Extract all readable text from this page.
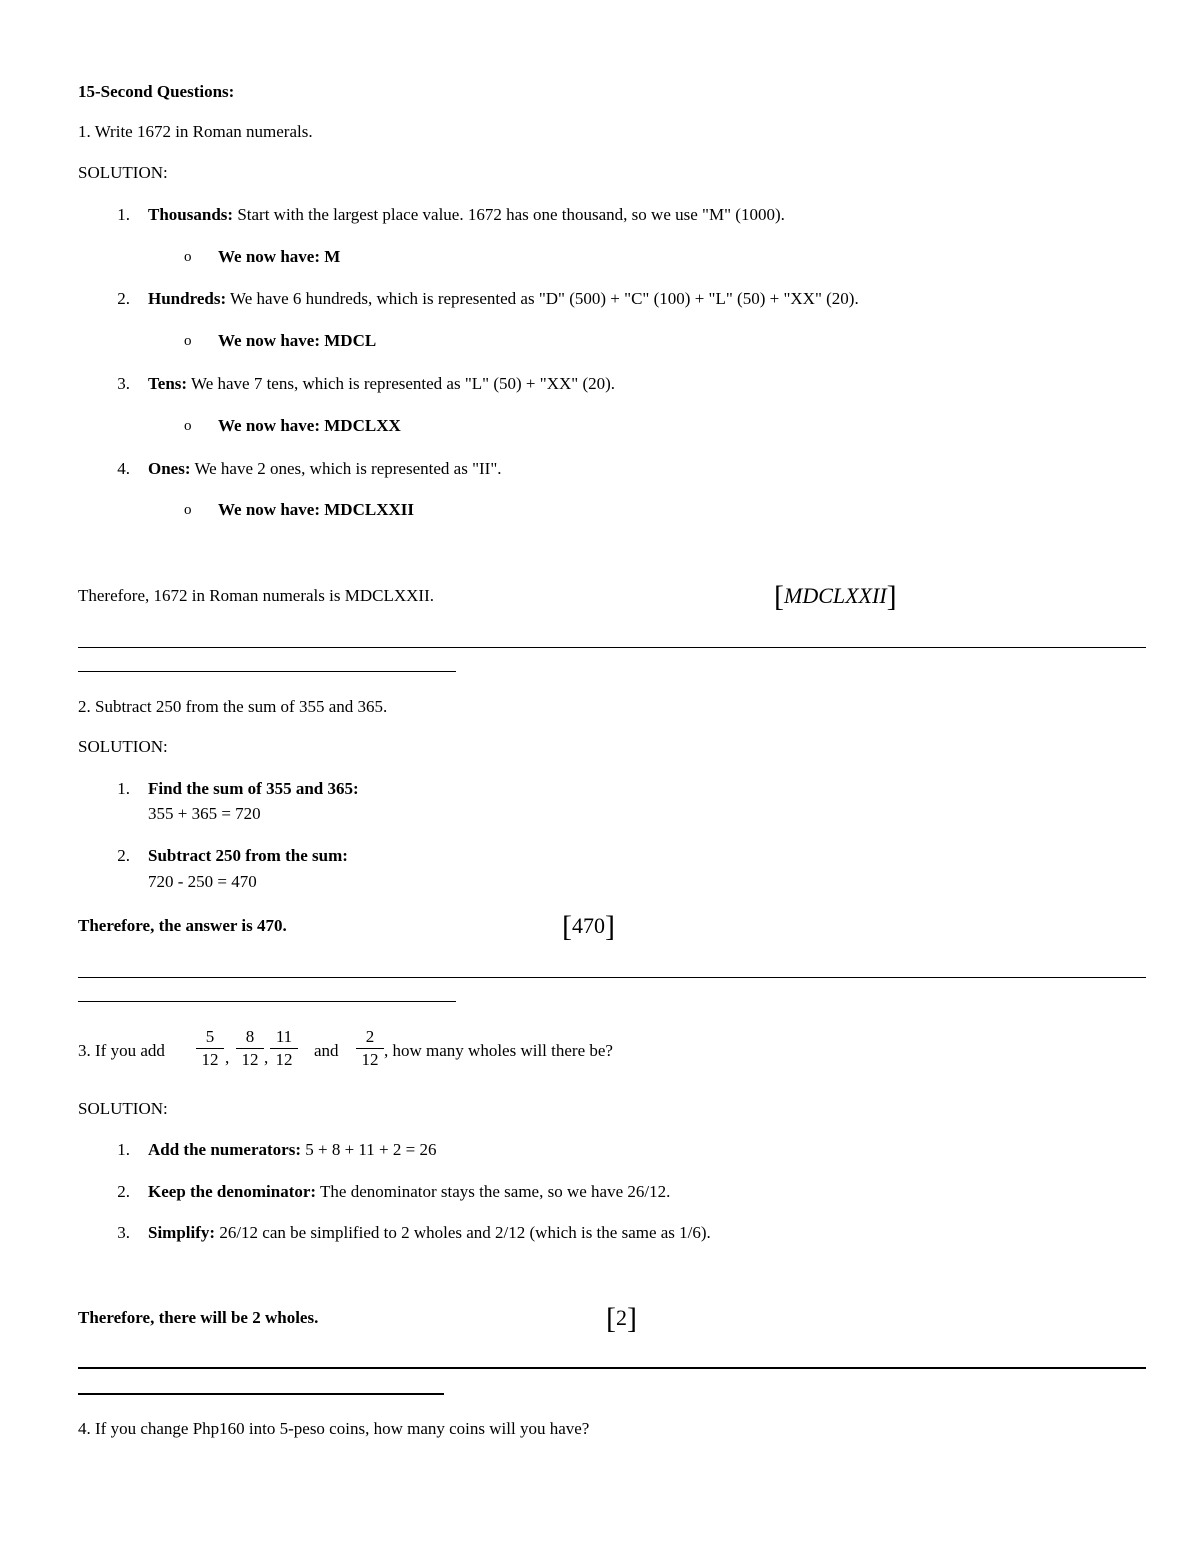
15-Second Questions:
1. Write 1672 in Roman numerals.
SOLUTION:
1. Thousands: Start with the largest place value. 1672 has one thousand, so we use "M" (1000).
o We now have: M
2. Hundreds: We have 6 hundreds, which is represented as "D" (500) + "C" (100) + "L" (50) + "XX" (20).
o We now have: MDCL
3. Tens: We have 7 tens, which is represented as "L" (50) + "XX" (20).
o We now have: MDCLXX
4. Ones: We have 2 ones, which is represented as "II".
o We now have: MDCLXXII
Therefore, 1672 in Roman numerals is MDCLXXII.	[MDCLXXII]
2. Subtract 250 from the sum of 355 and 365.
SOLUTION:
1. Find the sum of 355 and 365:
355 + 365 = 720
2. Subtract 250 from the sum:
720 - 250 = 470
Therefore, the answer is 470.	[470]
3. If you add
5
12 ,
8
12 ,
11
12	and
2
12 , how many wholes will there be?
SOLUTION:
1. Add the numerators: 5 + 8 + 11 + 2 = 26
2. Keep the denominator: The denominator stays the same, so we have 26/12.
3. Simplify: 26/12 can be simplified to 2 wholes and 2/12 (which is the same as 1/6).
Therefore, there will be 2 wholes.	[2]
4. If you change Php160 into 5-peso coins, how many coins will you have?
